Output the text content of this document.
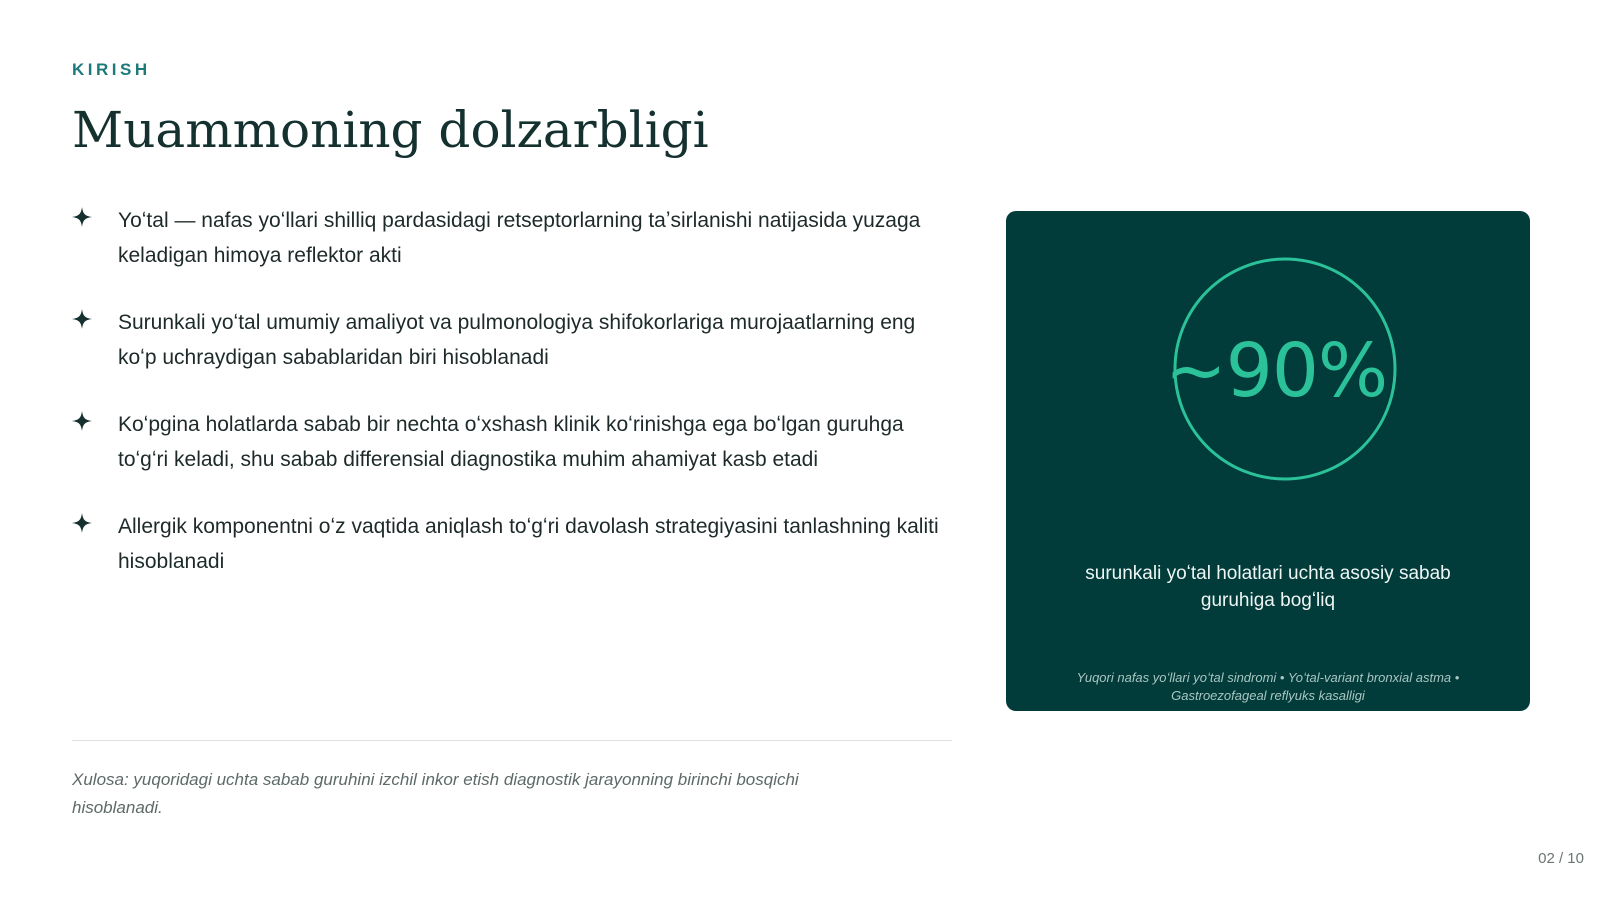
KIRISH
Muammoning dolzarbligi
Yoʻtal — nafas yoʻllari shilliq pardasidagi retseptorlarning taʼsirlanishi natijasida yuzaga keladigan himoya reflektor akti
Surunkali yoʻtal umumiy amaliyot va pulmonologiya shifokorlariga murojaatlarning eng koʻp uchraydigan sabablaridan biri hisoblanadi
Koʻpgina holatlarda sabab bir nechta oʻxshash klinik koʻrinishga ega boʻlgan guruhga toʻgʻri keladi, shu sabab differensial diagnostika muhim ahamiyat kasb etadi
Allergik komponentni oʻz vaqtida aniqlash toʻgʻri davolash strategiyasini tanlashning kaliti hisoblanadi
~90%
surunkali yoʻtal holatlari uchta asosiy sabab guruhiga bogʻliq
Yuqori nafas yoʻllari yoʻtal sindromi • Yoʻtal-variant bronxial astma • Gastroezofageal reflyuks kasalligi
Xulosa: yuqoridagi uchta sabab guruhini izchil inkor etish diagnostik jarayonning birinchi bosqichi hisoblanadi.
02 / 10
